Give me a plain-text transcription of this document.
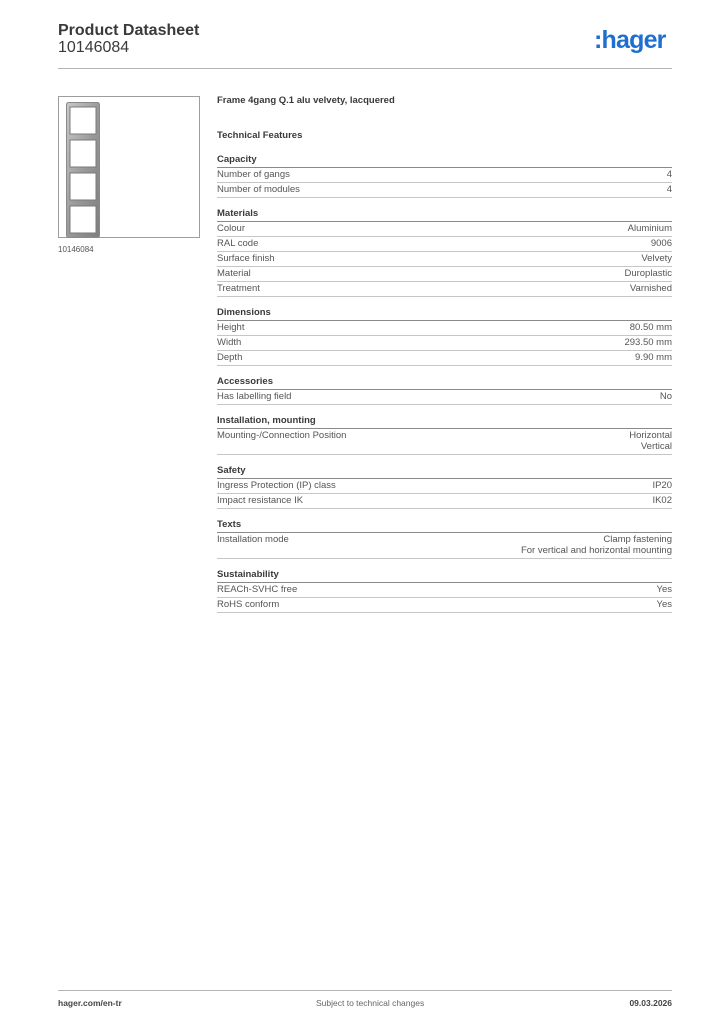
Product Datasheet
10146084	:hager
10146084
Frame 4gang Q.1 alu velvety, lacquered
Technical Features
Capacity
Number of gangs	4
Number of modules	4
Materials
Colour	Aluminium
RAL code	9006
Surface finish	Velvety
Material	Duroplastic
Treatment	Varnished
Dimensions
Height	80.50 mm
Width	293.50 mm
Depth	9.90 mm
Accessories
Has labelling field	No
Installation, mounting
Mounting-/Connection Position	Horizontal
Vertical
Safety
Ingress Protection (IP) class	IP20
Impact resistance IK	IK02
Texts
Installation mode	Clamp fastening
For vertical and horizontal mounting
Sustainability
REACh-SVHC free	Yes
RoHS conform	Yes
hager.com/en-tr	Subject to technical changes	09.03.2026
